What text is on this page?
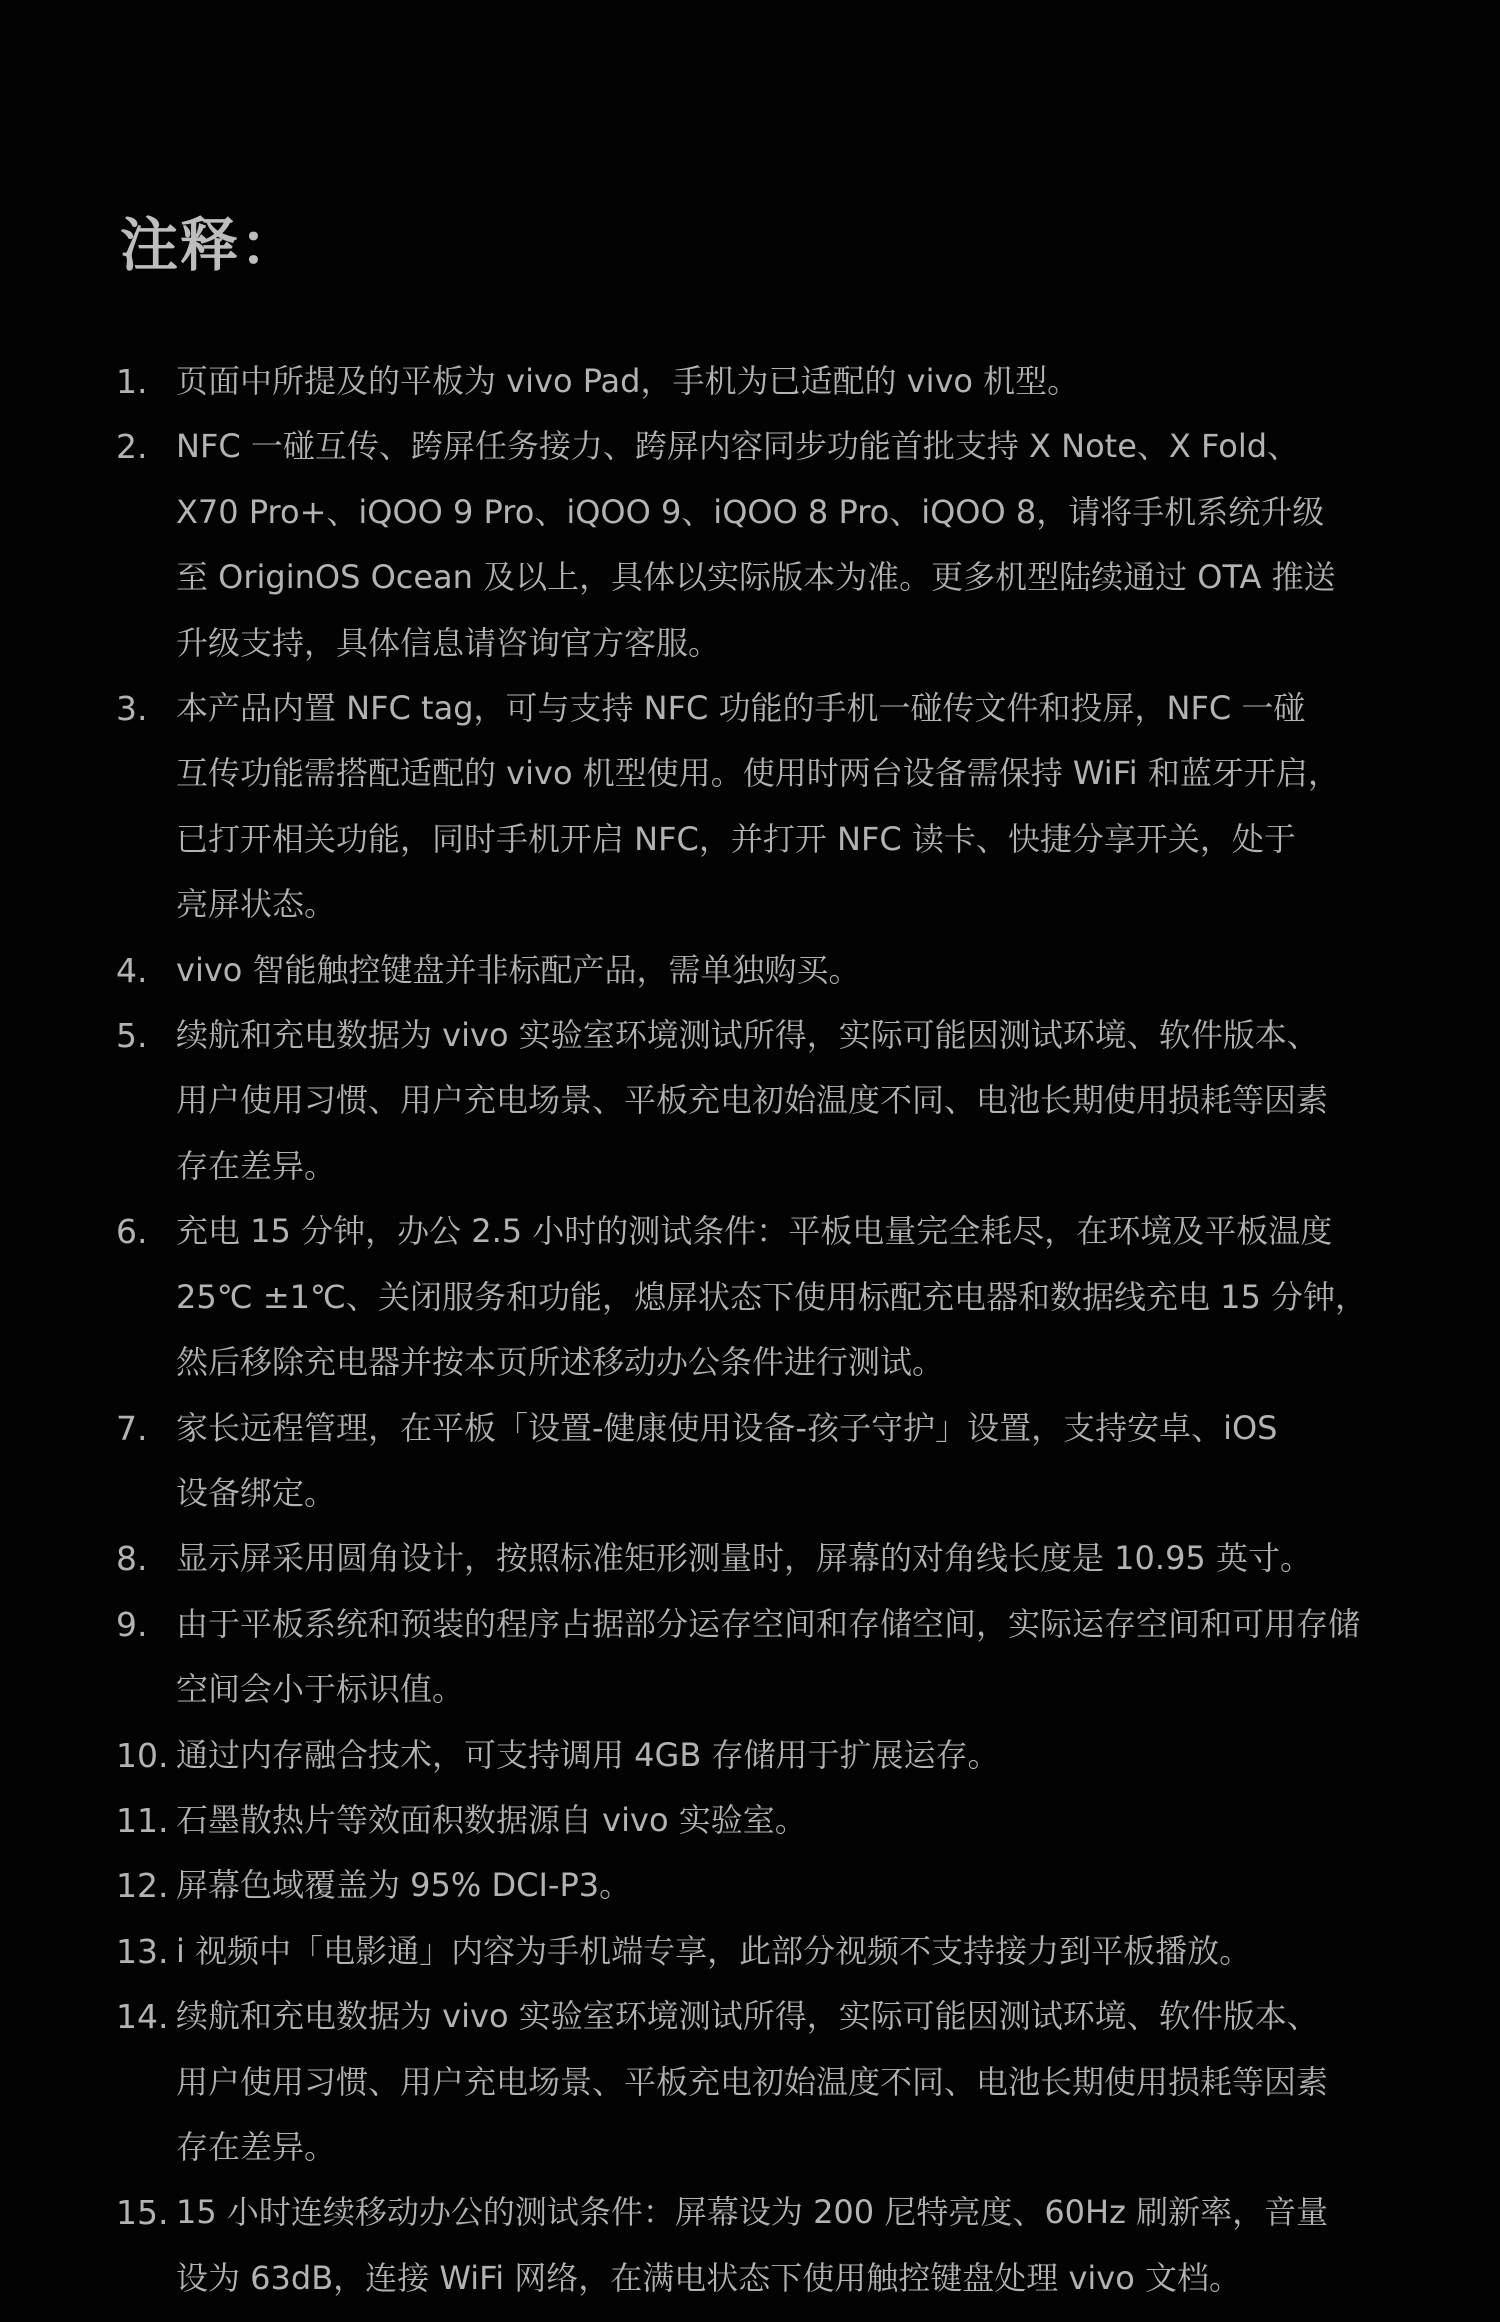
注释：
1. 页面中所提及的平板为 vivo Pad，手机为已适配的 vivo 机型。
2. NFC 一碰互传、跨屏任务接力、跨屏内容同步功能首批支持 X Note、X Fold、
X70 Pro+、iQOO 9 Pro、iQOO 9、iQOO 8 Pro、iQOO 8，请将手机系统升级
至 OriginOS Ocean 及以上，具体以实际版本为准。更多机型陆续通过 OTA 推送
升级支持，具体信息请咨询官方客服。
3. 本产品内置 NFC tag，可与支持 NFC 功能的手机一碰传文件和投屏，NFC 一碰
互传功能需搭配适配的 vivo 机型使用。使用时两台设备需保持 WiFi 和蓝牙开启，
已打开相关功能，同时手机开启 NFC，并打开 NFC 读卡、快捷分享开关，处于
亮屏状态。
4. vivo 智能触控键盘并非标配产品，需单独购买。
5. 续航和充电数据为 vivo 实验室环境测试所得，实际可能因测试环境、软件版本、
用户使用习惯、用户充电场景、平板充电初始温度不同、电池长期使用损耗等因素
存在差异。
6. 充电 15 分钟，办公 2.5 小时的测试条件：平板电量完全耗尽，在环境及平板温度
25℃ ±1℃、关闭服务和功能，熄屏状态下使用标配充电器和数据线充电 15 分钟，
然后移除充电器并按本页所述移动办公条件进行测试。
7. 家长远程管理，在平板「设置-健康使用设备-孩子守护」设置，支持安卓、iOS
设备绑定。
8. 显示屏采用圆角设计，按照标准矩形测量时，屏幕的对角线长度是 10.95 英寸。
9. 由于平板系统和预装的程序占据部分运存空间和存储空间，实际运存空间和可用存储
空间会小于标识值。
10. 通过内存融合技术，可支持调用 4GB 存储用于扩展运存。
11. 石墨散热片等效面积数据源自 vivo 实验室。
12. 屏幕色域覆盖为 95% DCI-P3。
13. i 视频中「电影通」内容为手机端专享，此部分视频不支持接力到平板播放。
14. 续航和充电数据为 vivo 实验室环境测试所得，实际可能因测试环境、软件版本、
用户使用习惯、用户充电场景、平板充电初始温度不同、电池长期使用损耗等因素
存在差异。
15. 15 小时连续移动办公的测试条件：屏幕设为 200 尼特亮度、60Hz 刷新率，音量
设为 63dB，连接 WiFi 网络，在满电状态下使用触控键盘处理 vivo 文档。
